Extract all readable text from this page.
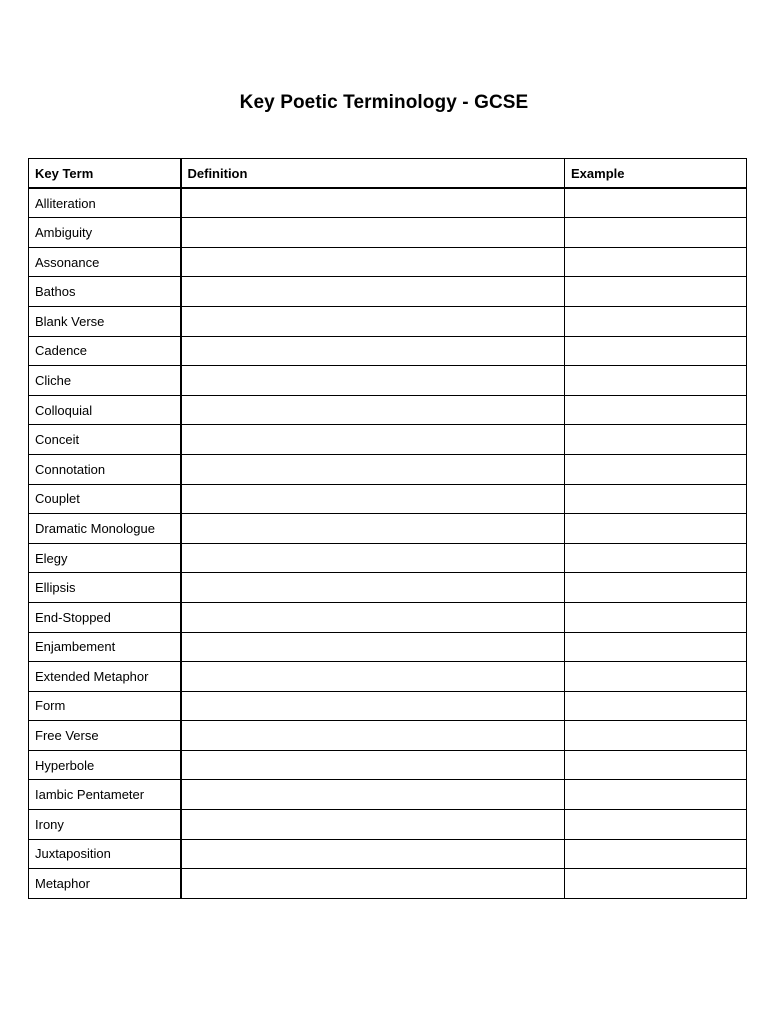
Key Poetic Terminology - GCSE
Key Term	Definition	Example
Alliteration		
Ambiguity		
Assonance		
Bathos		
Blank Verse		
Cadence		
Cliche		
Colloquial		
Conceit		
Connotation		
Couplet		
Dramatic Monologue		
Elegy		
Ellipsis		
End-Stopped		
Enjambement		
Extended Metaphor		
Form		
Free Verse		
Hyperbole		
Iambic Pentameter		
Irony		
Juxtaposition		
Metaphor		
